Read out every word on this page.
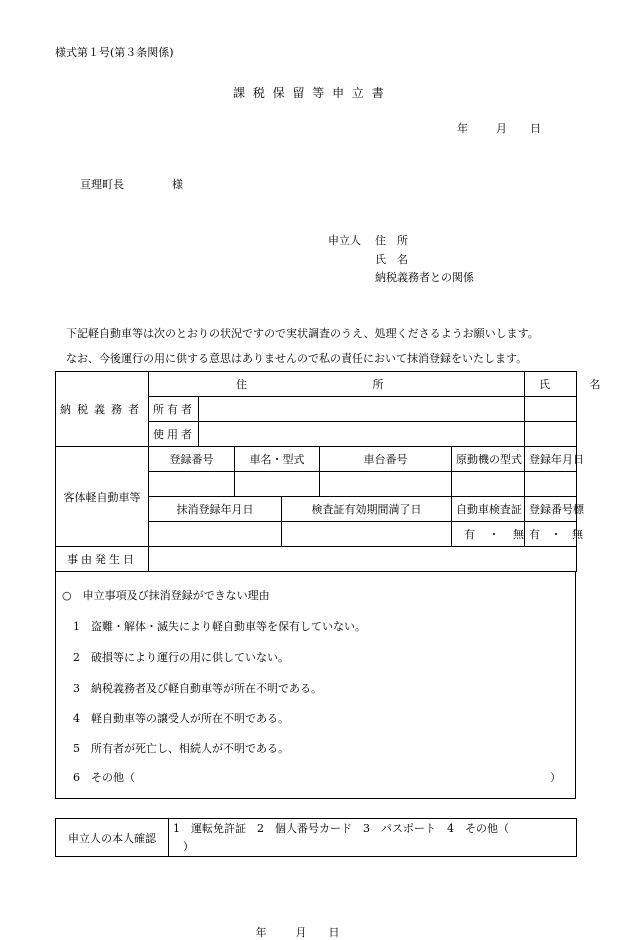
様式第１号(第３条関係)
課 税 保 留 等 申 立 書
年	月 日
亘理町長	様
申立人 住　所
氏　名
納税義務者との関係
下記軽自動車等は次のとおりの状況ですので実状調査のうえ、処理くださるようお願いします。
なお、今後運行の用に供する意思はありませんので私の責任において抹消登録をいたします。
納税義務者	住 所						氏 名
	所有者						
	使用者						
客体軽自動車等	登録番号		車名・型式		車台番号	原動機の型式	登録年月日

	抹消登録年月日			検査証有効期間満了日		自動車検査証	登録番号標
						有 ・ 無	有 ・ 無
事由発生日	年 月 日						
○　申立事項及び抹消登録ができない理由
1　盗難・解体・滅失により軽自動車等を保有していない。
2　破損等により運行の用に供していない。
3　納税義務者及び軽自動車等が所在不明である。
4　軽自動車等の譲受人が所在不明である。
5　所有者が死亡し、相続人が不明である。
6　その他（	）
申立人の本人確認	
1　運転免許証　2　個人番号カード　3　パスポート　4　その他（
）
